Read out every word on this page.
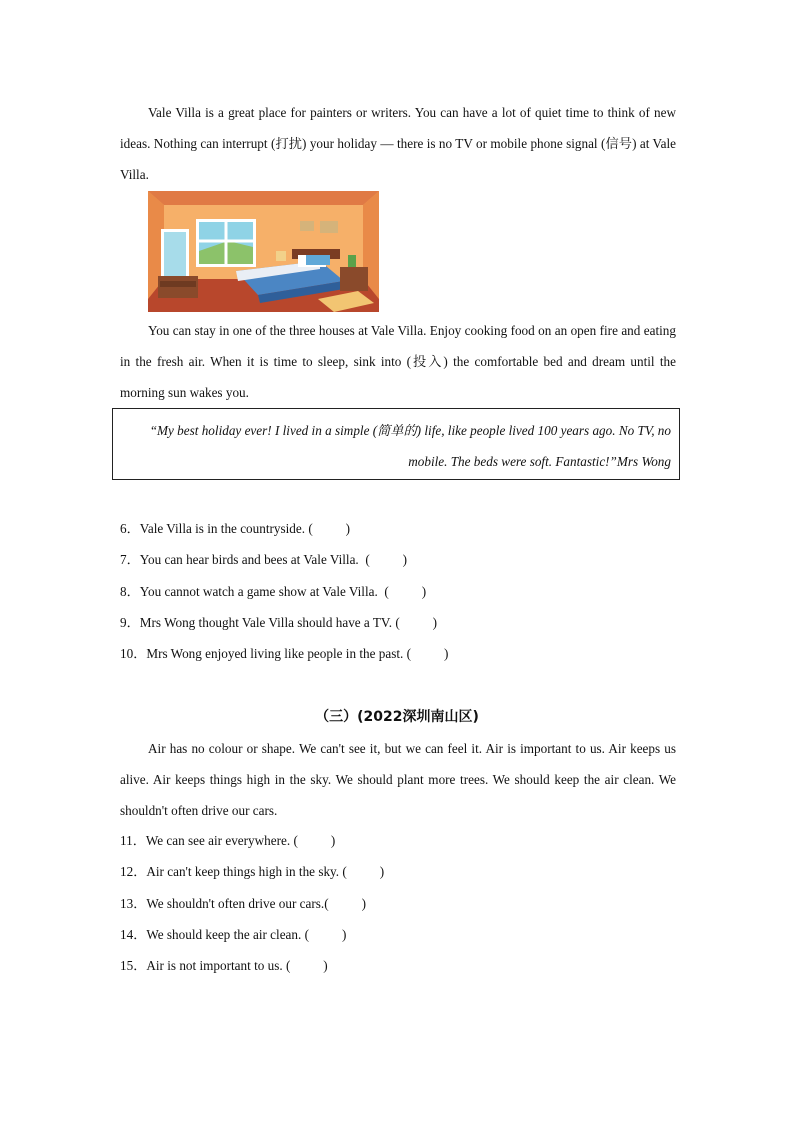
Vale Villa is a great place for painters or writers. You can have a lot of quiet time to think of new ideas. Nothing can interrupt (打扰) your holiday — there is no TV or mobile phone signal (信号) at Vale Villa.
You can stay in one of the three houses at Vale Villa. Enjoy cooking food on an open fire and eating in the fresh air. When it is time to sleep, sink into (投入) the comfortable bed and dream until the morning sun wakes you.
“My best holiday ever! I lived in a simple (简单的) life, like people lived 100 years ago. No TV, no mobile. The beds were soft. Fantastic!”Mrs Wong
6．Vale Villa is in the countryside. (          )
7．You can hear birds and bees at Vale Villa.  (          )
8．You cannot watch a game show at Vale Villa.  (          )
9．Mrs Wong thought Vale Villa should have a TV. (          )
10．Mrs Wong enjoyed living like people in the past. (          )
（三）(2022深圳南山区)
Air has no colour or shape. We can't see it, but we can feel it. Air is important to us. Air keeps us alive. Air keeps things high in the sky. We should plant more trees. We should keep the air clean. We shouldn't often drive our cars.
11．We can see air everywhere. (          )
12．Air can't keep things high in the sky. (          )
13．We shouldn't often drive our cars.(          )
14．We should keep the air clean. (          )
15．Air is not important to us. (          )
